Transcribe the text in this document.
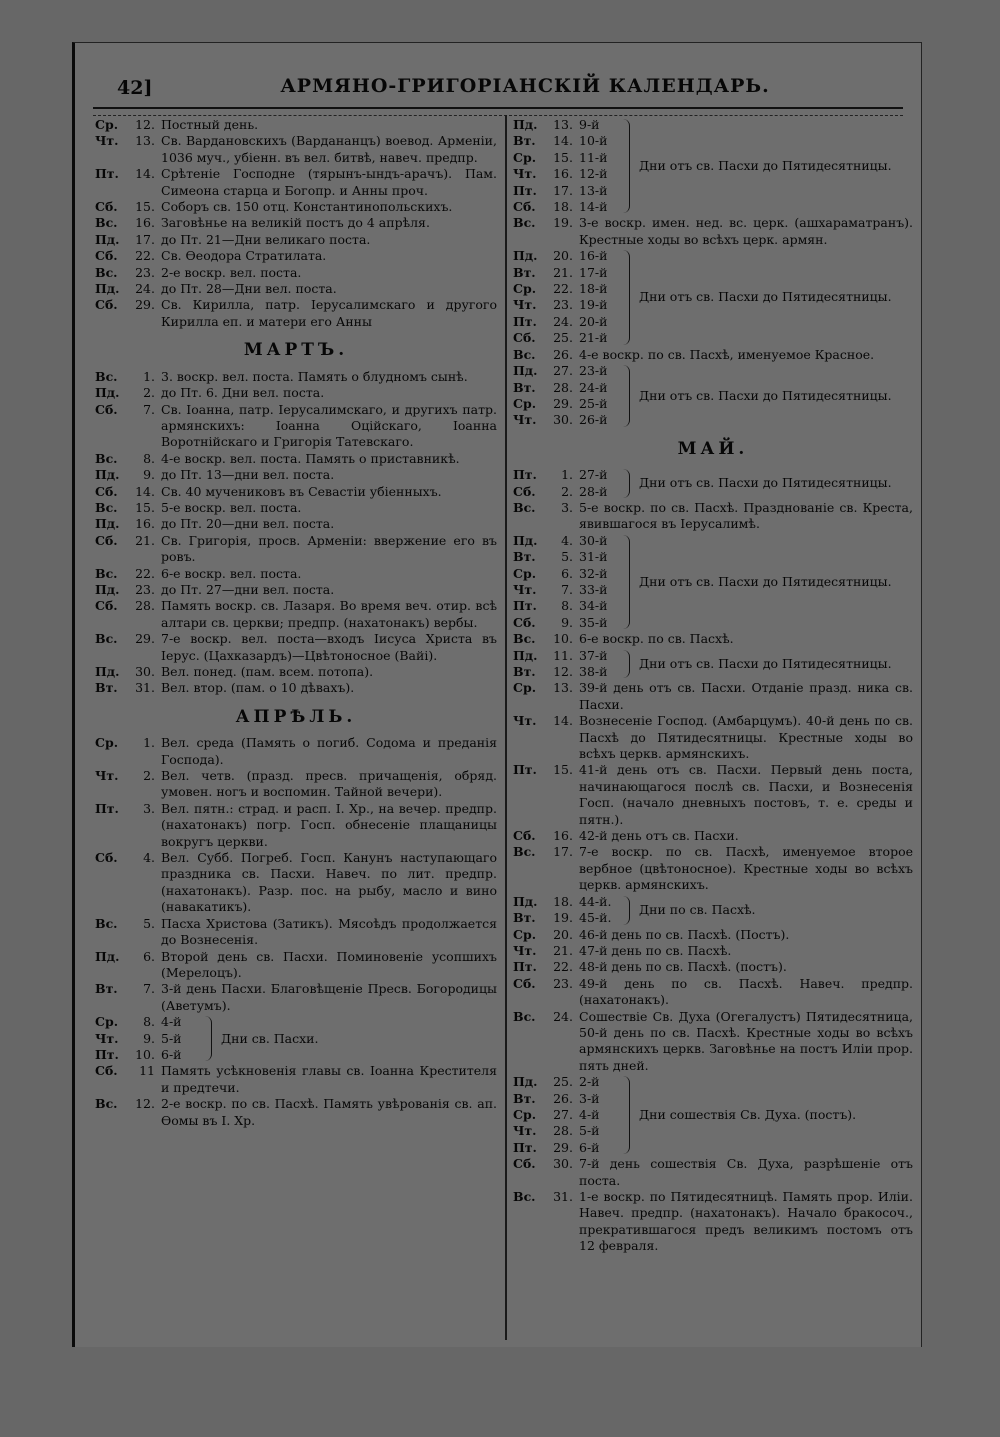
42]	АРМЯНО-ГРИГОРІАНСКІЙ КАЛЕНДАРЬ.
Ср.	12. Постный день.
Чт.	13. Св. Вардановскихъ (Вардананцъ) воевод. Арменіи, 1036 муч., убіенн. въ вел. битвѣ, навеч. предпр.
Пт.	14. Срѣтеніе Господне (тярынъ-ындъ-арачъ). Пам. Симеона старца и Богопр. и Анны проч.
Сб.	15. Соборъ св. 150 отц. Константинопольскихъ.
Вс.	16. Заговѣнье на великій постъ до 4 апрѣля.
Пд.	17. до Пт. 21—Дни великаго поста.
Сб.	22. Св. Ѳеодора Стратилата.
Вс.	23. 2-е воскр. вел. поста.
Пд.	24. до Пт. 28—Дни вел. поста.
Сб.	29. Св. Кирилла, патр. Іерусалимскаго и другого Кирилла еп. и матери его Анны
МАРТЪ.
Вс.	1. 3. воскр. вел. поста. Память о блудномъ сынѣ.
Пд.	2. до Пт. 6. Дни вел. поста.
Сб.	7. Св. Іоанна, патр. Іерусалимскаго, и другихъ патр. армянскихъ: Іоанна Оційскаго, Іоанна Воротнійскаго и Григорія Татевскаго.
Вс.	8. 4-е воскр. вел. поста. Память о приставникѣ.
Пд.	9. до Пт. 13—дни вел. поста.
Сб.	14. Св. 40 мучениковъ въ Севастіи убіенныхъ.
Вс.	15. 5-е воскр. вел. поста.
Пд.	16. до Пт. 20—дни вел. поста.
Сб.	21. Св. Григорія, просв. Арменіи: ввержение его въ ровъ.
Вс.	22. 6-е воскр. вел. поста.
Пд.	23. до Пт. 27—дни вел. поста.
Сб.	28. Память воскр. св. Лазаря. Во время веч. отир. всѣ алтари св. церкви; предпр. (нахатонакъ) вербы.
Вс.	29. 7-е воскр. вел. поста—входъ Іисуса Христа въ Іерус. (Цахказардъ)—Цвѣтоносное (Вайі).
Пд.	30. Вел. понед. (пам. всем. потопа).
Вт.	31. Вел. втор. (пам. о 10 дѣвахъ).
АПРѢЛЬ.
Ср.	1. Вел. среда (Память о погиб. Содома и преданія Господа).
Чт.	2. Вел. четв. (празд. пресв. причащенія, обряд. умовен. ногъ и воспомин. Тайной вечери).
Пт.	3. Вел. пятн.: страд. и расп. І. Хр., на вечер. предпр. (нахатонакъ) погр. Госп. обнесеніе плащаницы вокругъ церкви.
Сб.	4. Вел. Субб. Погреб. Госп. Канунъ наступающаго праздника св. Пасхи. Навеч. по лит. предпр. (нахатонакъ). Разр. пос. на рыбу, масло и вино (навакатикъ).
Вс.	5. Пасха Христова (Затикъ). Мясоѣдъ продолжается до Вознесенія.
Пд.	6. Второй день св. Пасхи. Поминовеніе усопшихъ (Мерелоцъ).
Вт.	7. 3-й день Пасхи. Благовѣщеніе Пресв. Богородицы (Аветумъ).
Ср.	8. 4-й
Чт.	9. 5-й
Пт.	10. 6-й
Дни св. Пасхи.
Сб.	11 Память усѣкновенія главы св. Іоанна Крестителя и предтечи.
Вс.	12. 2-е воскр. по св. Пасхѣ. Память увѣрованія св. ап. Ѳомы въ І. Хр.
Пд.	13. 9-й
Вт.	14. 10-й
Ср.	15. 11-й
Чт.	16. 12-й
Пт.	17. 13-й
Сб.	18. 14-й
Дни отъ св. Пасхи до Пятидесятницы.
Вс.	19. 3-е воскр. имен. нед. вс. церк. (ашхараматранъ). Крестные ходы во всѣхъ церк. армян.
Пд.	20. 16-й
Вт.	21. 17-й
Ср.	22. 18-й
Чт.	23. 19-й
Пт.	24. 20-й
Сб.	25. 21-й
Дни отъ св. Пасхи до Пятидесятницы.
Вс.	26. 4-е воскр. по св. Пасхѣ, именуемое Красное.
Пд.	27. 23-й
Вт.	28. 24-й
Ср.	29. 25-й
Чт.	30. 26-й
Дни отъ св. Пасхи до Пятидесятницы.
МАЙ.
Пт.	1. 27-й
Сб.	2. 28-й
Дни отъ св. Пасхи до Пятидесятницы.
Вс.	3. 5-е воскр. по св. Пасхѣ. Празднованіе св. Креста, явившагося въ Іерусалимѣ.
Пд.	4. 30-й
Вт.	5. 31-й
Ср.	6. 32-й
Чт.	7. 33-й
Пт.	8. 34-й
Сб.	9. 35-й
Дни отъ св. Пасхи до Пятидесятницы.
Вс.	10. 6-е воскр. по св. Пасхѣ.
Пд.	11. 37-й
Вт.	12. 38-й
Дни отъ св. Пасхи до Пятидесятницы.
Ср.	13. 39-й день отъ св. Пасхи. Отданіе празд. ника св. Пасхи.
Чт.	14. Вознесеніе Господ. (Амбарцумъ). 40-й день по св. Пасхѣ до Пятидесятницы. Крестные ходы во всѣхъ церкв. армянскихъ.
Пт.	15. 41-й день отъ св. Пасхи. Первый день поста, начинающагося послѣ св. Пасхи, и Вознесенія Госп. (начало дневныхъ постовъ, т. е. среды и пятн.).
Сб.	16. 42-й день отъ св. Пасхи.
Вс.	17. 7-е воскр. по св. Пасхѣ, именуемое второе вербное (цвѣтоносное). Крестные ходы во всѣхъ церкв. армянскихъ.
Пд.	18. 44-й.
Вт.	19. 45-й.
Дни по св. Пасхѣ.
Ср.	20. 46-й день по св. Пасхѣ. (Постъ).
Чт.	21. 47-й день по св. Пасхѣ.
Пт.	22. 48-й день по св. Пасхѣ. (постъ).
Сб.	23. 49-й день по св. Пасхѣ. Навеч. предпр. (нахатонакъ).
Вс.	24. Сошествіе Св. Духа (Огегалустъ) Пятидесятница, 50-й день по св. Пасхѣ. Крестные ходы во всѣхъ армянскихъ церкв. Заговѣнье на постъ Иліи прор. пять дней.
Пд.	25. 2-й
Вт.	26. 3-й
Ср.	27. 4-й
Чт.	28. 5-й
Пт.	29. 6-й
Дни сошествія Св. Духа. (постъ).
Сб.	30. 7-й день сошествія Св. Духа, разрѣшеніе отъ поста.
Вс.	31. 1-е воскр. по Пятидесятницѣ. Память прор. Иліи. Навеч. предпр. (нахатонакъ). Начало бракосоч., прекратившагося предъ великимъ постомъ отъ 12 февраля.
